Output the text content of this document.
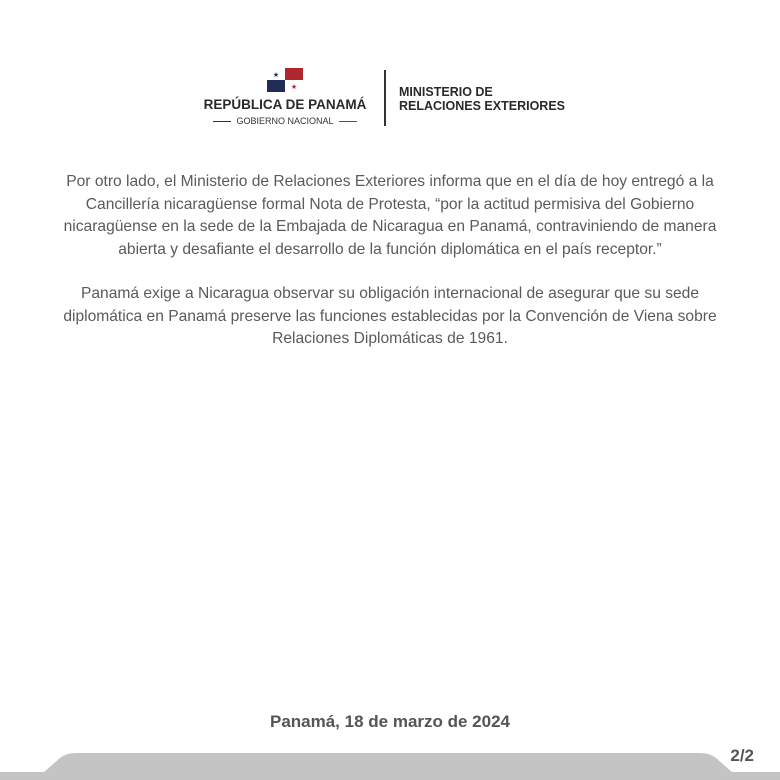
★
★
REPÚBLICA DE PANAMÁ
GOBIERNO NACIONAL
MINISTERIO DE
RELACIONES EXTERIORES
Por otro lado, el Ministerio de Relaciones Exteriores informa que en el día de hoy entregó a la Cancillería nicaragüense formal Nota de Protesta, “por la actitud permisiva del Gobierno nicaragüense en la sede de la Embajada de Nicaragua en Panamá, contraviniendo de manera abierta y desafiante el desarrollo de la función diplomática en el país receptor.”
Panamá exige a Nicaragua observar su obligación internacional de asegurar que su sede diplomática en Panamá preserve las funciones establecidas por la Convención de Viena sobre Relaciones Diplomáticas de 1961.
Panamá, 18 de marzo de 2024
2/2
